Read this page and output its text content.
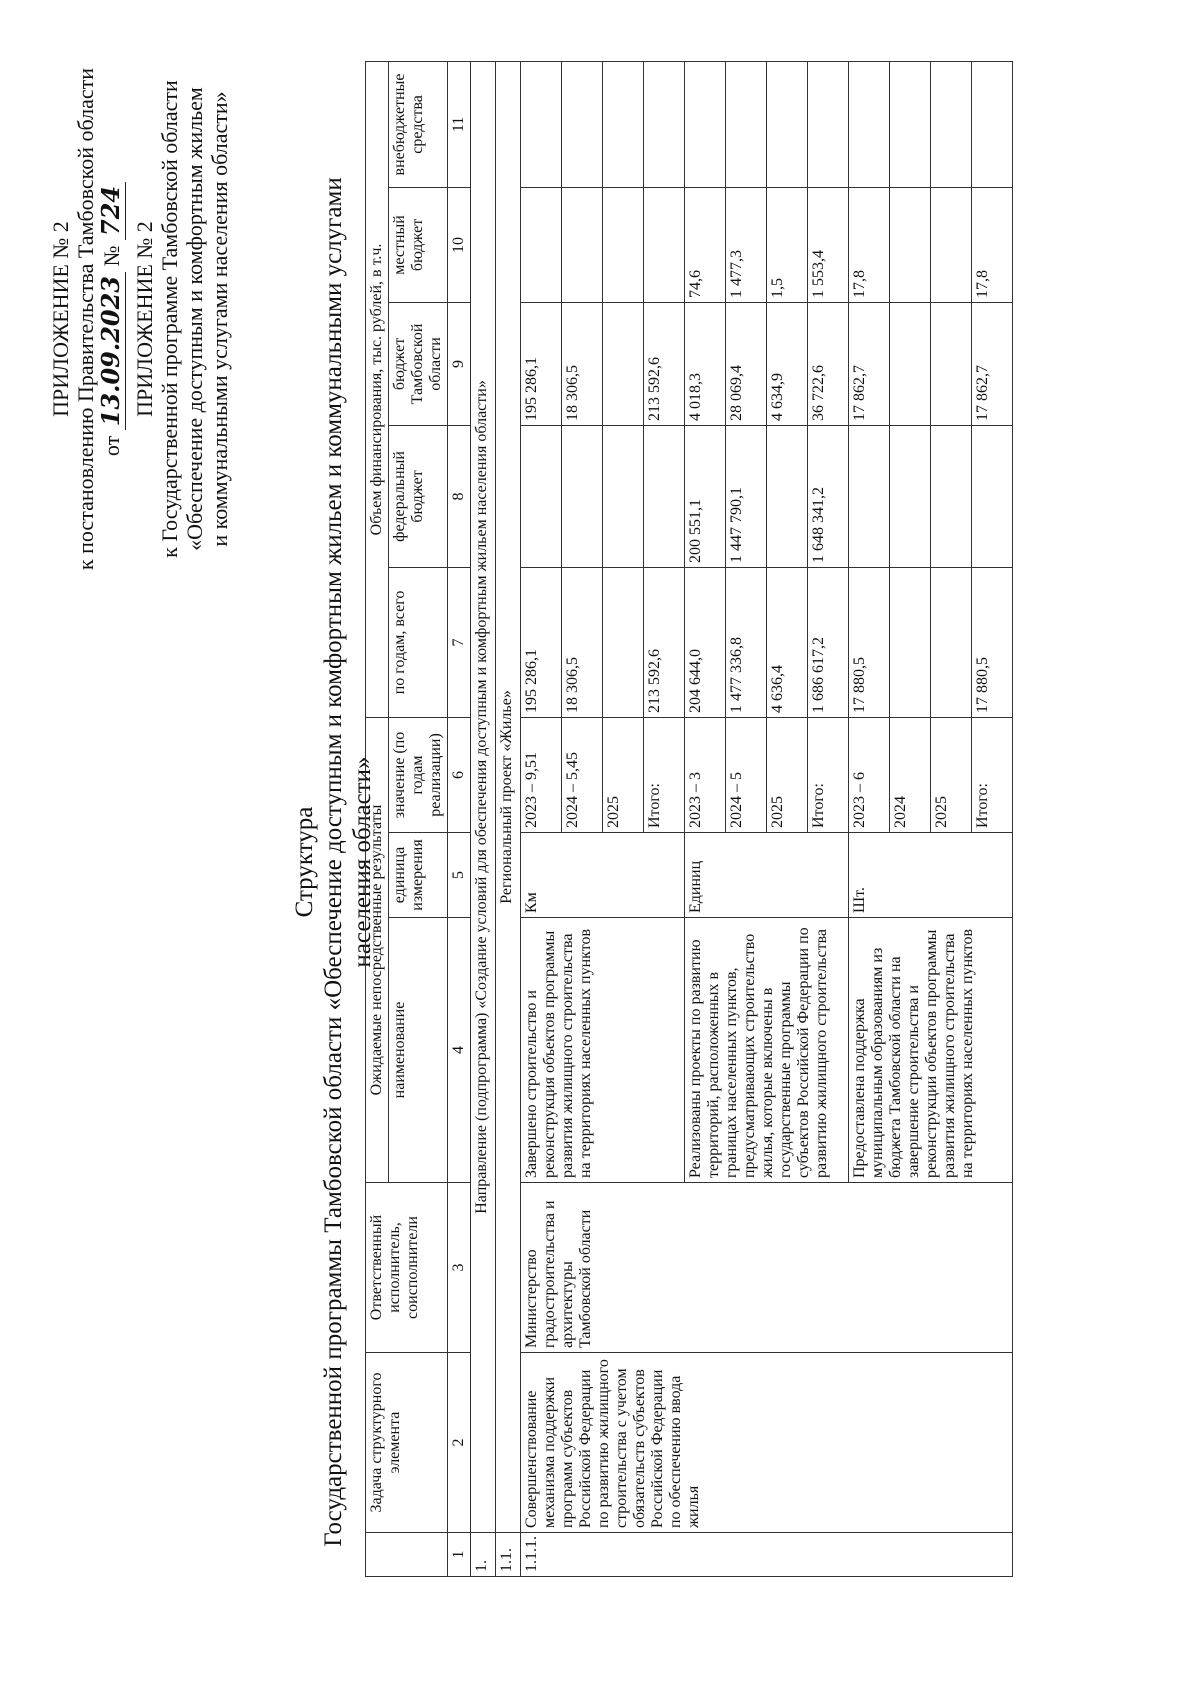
ПРИЛОЖЕНИЕ № 2 к постановлению Правительства Тамбовской области от 13.09.2023 № 724
ПРИЛОЖЕНИЕ № 2 к Государственной программе Тамбовской области «Обеспечение доступным и комфортным жильем и коммунальными услугами населения области»
Структура Государственной программы Тамбовской области «Обеспечение доступным и комфортным жильем и коммунальными услугами населения области»
	Задача структурного элемента	Ответственный исполнитель, соисполнители	Ожидаемые непосредственные результаты			Объем финансирования, тыс. рублей, в т.ч.				
			наименование	единица измерения	значение (по годам реализации)	по годам, всего	федеральный бюджет	бюджет Тамбовской области	местный бюджет	внебюджетные средства
1	2	3	4	5	6	7	8	9	10	11
1.	Направление (подпрограмма) «Создание условий для обеспечения доступным и комфортным жильем населения области»									
1.1.	Региональный проект «Жилье»									
1.1.1.	Совершенствование механизма поддержки программ субъектов Российской Федерации по развитию жилищного строительства с учетом обязательств субъектов Российской Федерации по обеспечению ввода жилья	Министерство градостроительства и архитектуры Тамбовской области	Завершено строительство и реконструкция объектов программы развития жилищного строительства на территориях населенных пунктов	Км	2023 – 9,51	195 286,1		195 286,1		
					2024 – 5,45	18 306,5		18 306,5		
					2025					
					Итого:	213 592,6		213 592,6		
			Реализованы проекты по развитию территорий, расположенных в границах населенных пунктов, предусматривающих строительство жилья, которые включены в государственные программы субъектов Российской Федерации по развитию жилищного строительства	Единиц	2023 – 3	204 644,0	200 551,1	4 018,3	74,6	
					2024 – 5	1 477 336,8	1 447 790,1	28 069,4	1 477,3	
					2025	4 636,4		4 634,9	1,5	
					Итого:	1 686 617,2	1 648 341,2	36 722,6	1 553,4	
			Предоставлена поддержка муниципальным образованиям из бюджета Тамбовской области на завершение строительства и реконструкции объектов программы развития жилищного строительства на территориях населенных пунктов	Шт.	2023 – 6	17 880,5		17 862,7	17,8	
					2024					
					2025					
					Итого:	17 880,5		17 862,7	17,8	
